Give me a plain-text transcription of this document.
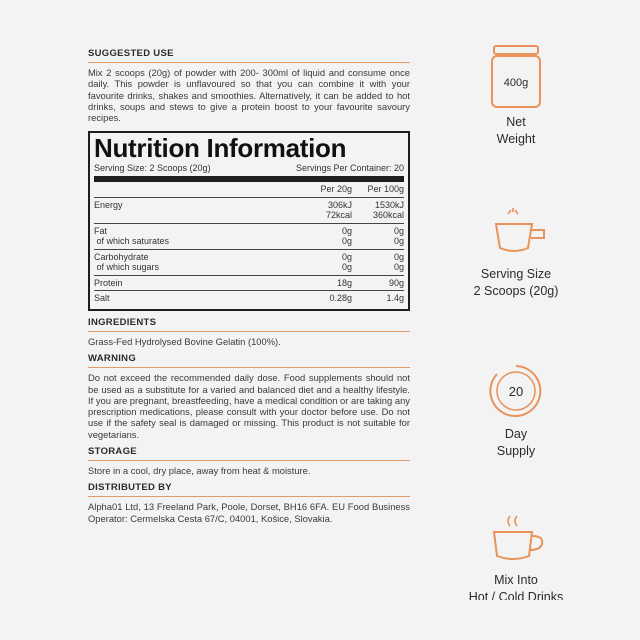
SUGGESTED USE
Mix 2 scoops (20g) of powder with 200- 300ml of liquid and consume once daily. This powder is unflavoured so that you can combine it with your favourite drinks, shakes and smoothies. Alternatively, it can be added to hot drinks, soups and stews to give a protein boost to your favourite savoury recipes.
Nutrition Information
Serving Size: 2 Scoops (20g)	Servings Per Container: 20
Per 20g	Per 100g
Energy	306kJ	1530kJ
72kcal	360kcal
Fat	0g	0g
of which saturates	0g	0g
Carbohydrate	0g	0g
of which sugars	0g	0g
Protein	18g	90g
Salt	0.28g	1.4g
INGREDIENTS
Grass-Fed Hydrolysed Bovine Gelatin (100%).
WARNING
Do not exceed the recommended daily dose. Food supplements should not be used as a substitute for a varied and balanced diet and a healthy lifestyle. If you are pregnant, breastfeeding, have a medical condition or are taking any prescription medications, please consult with your doctor before use. Do not use if the safety seal is damaged or missing. This product is not suitable for vegetarians.
STORAGE
Store in a cool, dry place, away from heat & moisture.
DISTRIBUTED BY
Alpha01 Ltd, 13 Freeland Park, Poole, Dorset, BH16 6FA. EU Food Business Operator: Cermelska Cesta 67/C, 04001, Košice, Slovakia.
400g
Net
Weight
Serving Size
2 Scoops (20g)
20
Day
Supply
Mix Into
Hot / Cold Drinks
